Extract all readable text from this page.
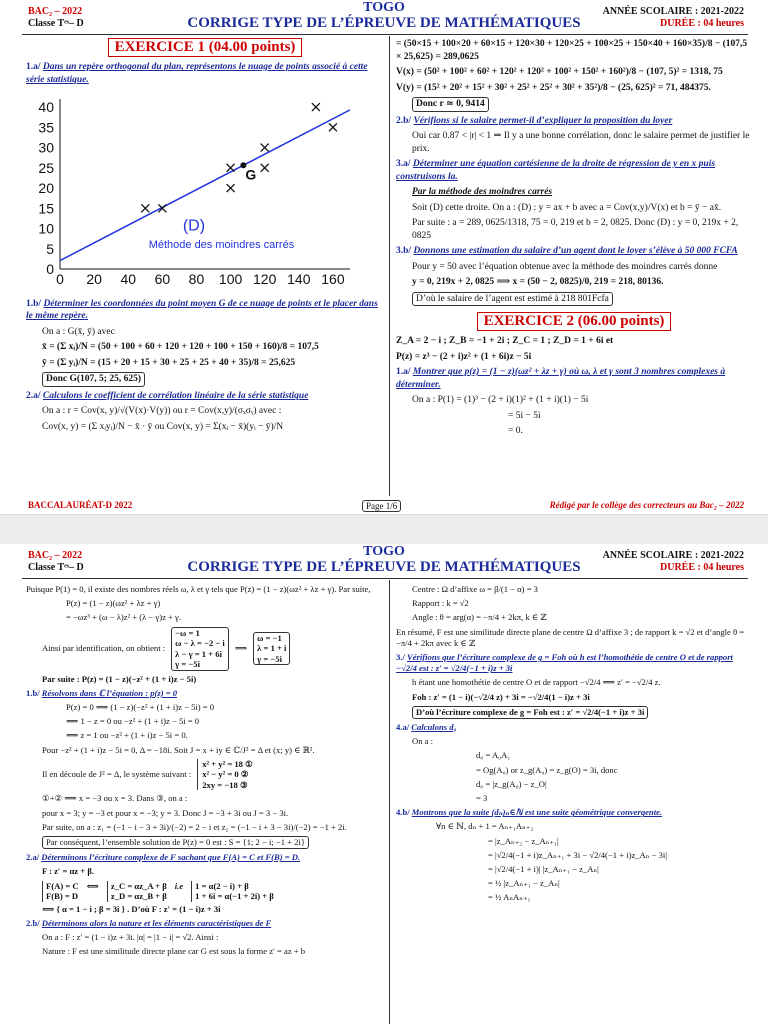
BAC₂ – 2022
Classe Tᵉˢ– D
TOGO
CORRIGE TYPE DE L’ÉPREUVE DE MATHÉMATIQUES
ANNÉE SCOLAIRE : 2021-2022
DURÉE : 04 heures
EXERCICE 1 (04.00 points)

1.a/ Dans un repère orthogonal du plan, représentons le nuage de points associé à cette série statistique.

0
5
10
15
20
25
30
35
40
0 20 40 60 80 100 120 140 160
G
(D)
Méthode des moindres carrés

1.b/ Déterminer les coordonnées du point moyen G de ce nuage de points et le placer dans le même repère.

On a : G(x̄, ȳ) avec

x̄ = (Σ xᵢ)/N = (50 + 100 + 60 + 120 + 120 + 100 + 150 + 160)/8 = 107,5

ȳ = (Σ yᵢ)/N = (15 + 20 + 15 + 30 + 25 + 25 + 40 + 35)/8 = 25,625

Donc G(107, 5; 25, 625)

2.a/ Calculons le coefficient de corrélation linéaire de la série statistique

On a : r = Cov(x, y)/√(V(x)·V(y)) ou r = Cov(x,y)/(σₓσᵧ) avec :

Cov(x, y) = (Σ xᵢyᵢ)/N − x̄ · ȳ ou Cov(x, y) = Σ(xᵢ − x̄)(yᵢ − ȳ)/N

= (50×15 + 100×20 + 60×15 + 120×30 + 120×25 + 100×25 + 150×40 + 160×35)/8 − (107,5 × 25,625) = 289,0625

V(x) = (50² + 100² + 60² + 120² + 120² + 100² + 150² + 160²)/8 − (107, 5)² = 1318, 75

V(y) = (15² + 20² + 15² + 30² + 25² + 25² + 30² + 35²)/8 − (25, 625)² = 71, 484375.

Donc r ≃ 0, 9414

2.b/ Vérifions si le salaire permet-il d’expliquer la proposition du loyer

Oui car 0.87 < |r| < 1 ⇒ Il y a une bonne corrélation, donc le salaire permet de justifier le prix.

3.a/ Déterminer une équation cartésienne de la droite de régression de y en x puis construisons la.

Par la méthode des moindres carrés

Soit (D) cette droite. On a : (D) : y = ax + b avec a = Cov(x,y)/V(x) et b = ȳ − ax̄.

Par suite : a = 289, 0625/1318, 75 = 0, 219 et b = 2, 0825. Donc (D) : y = 0, 219x + 2, 0825

3.b/ Donnons une estimation du salaire d’un agent dont le loyer s’élève à 50 000 FCFA

Pour y = 50 avec l’équation obtenue avec la méthode des moindres carrés donne

y = 0, 219x + 2, 0825 ⟹ x = (50 − 2, 0825)/0, 219 = 218, 80136.

D’où le salaire de l’agent est estimé à 218 801Fcfa

EXERCICE 2 (06.00 points)

Z_A = 2 − i ; Z_B = −1 + 2i ; Z_C = 1 ; Z_D = 1 + 6i et

P(z) = z³ − (2 + i)z² + (1 + 6i)z − 5i

1.a/ Montrer que p(z) = (1 − z)(ωz² + λz + γ) où ω, λ et γ sont 3 nombres complexes à déterminer.

On a : P(1) = (1)³ − (2 + i)(1)² + (1 + i)(1) − 5i

= 5i − 5i

= 0.

BACCALAURÉAT-D 2022	Page 1/6	Rédigé par le collège des correcteurs au Bac₂ – 2022
BAC₂ – 2022
Classe Tᵉˢ– D
TOGO
CORRIGE TYPE DE L’ÉPREUVE DE MATHÉMATIQUES
ANNÉE SCOLAIRE : 2021-2022
DURÉE : 04 heures

Puisque P(1) = 0, il existe des nombres réels ω, λ et γ tels que P(z) = (1 − z)(ωz² + λz + γ). Par suite,

P(z) = (1 − z)(ωz² + λz + γ)

= −ωz³ + (ω − λ)z² + (λ − γ)z + γ.

Ainsi par identification, on obtient :
−ω = 1
ω − λ = −2 − i
λ − γ = 1 + 6i
γ = −5i
⟹
ω = −1
λ = 1 + i
γ = −5i

Par suite : P(z) = (1 − z)(−z² + (1 + i)z − 5i)

1.b/ Résolvons dans ℂ l’équation : p(z) = 0

P(z) = 0 ⟹ (1 − z)(−z² + (1 + i)z − 5i) = 0

⟺ 1 − z = 0 ou −z² + (1 + i)z − 5i = 0

⟺ z = 1 ou −z² + (1 + i)z − 5i = 0.

Pour −z² + (1 + i)z − 5i = 0, Δ = −18i. Soit J = x + iy ∈ ℂ/J² = Δ et (x; y) ∈ ℝ².

Il en découle de J² = Δ, le système suivant :
x² + y² = 18 ①
x² − y² = 0 ②
2xy = −18 ③

①+② ⟹ x = −3 ou x = 3. Dans ③, on a :

pour x = 3; y = −3 et pour x = −3; y = 3. Donc J = −3 + 3i ou J = 3 − 3i.

Par suite, on a : z₁ = (−1 − i − 3 + 3i)/(−2) = 2 − i et z₂ = (−1 − i + 3 − 3i)/(−2) = −1 + 2i.

Par conséquent, l’ensemble solution de P(z) = 0 est : S = {1; 2 − i; −1 + 2i}

2.a/ Déterminons l’écriture complexe de F sachant que F(A) = C et F(B) = D.

F : z′ = αz + β.

F(A) = C
F(B) = D
⟺	z_C = αz_A + β
z_D = αz_B + β
i.e	1 = α(2 − i) + β
1 + 6i = α(−1 + 2i) + β

⟺ { α = 1 − i ; β = 3i } . D’où F : z′ = (1 − i)z + 3i

2.b/ Déterminons alors la nature et les éléments caractéristiques de F

On a : F : z′ = (1 − i)z + 3i. |α| = |1 − i| = √2. Ainsi :

Nature : F est une similitude directe plane car G est sous la forme z′ = az + b

Centre : Ω d’affixe ω = β/(1 − α) = 3

Rapport : k = √2

Angle : θ = arg(α) = −π/4 + 2kπ, k ∈ ℤ

En résumé, F est une similitude directe plane de centre Ω d’affixe 3 ; de rapport k = √2 et d’angle θ = −π/4 + 2kπ avec k ∈ ℤ

3./ Vérifions que l’écriture complexe de g = Foh où h est l’homothétie de centre O et de rapport −√2/4 est : z′ = √2/4(−1 + i)z + 3i

h étant une homothétie de centre O et de rapport −√2/4 ⟹ z′ = −√2/4 z.

Foh : z′ = (1 − i)(−√2/4 z) + 3i = −√2/4(1 − i)z + 3i

D’où l’écriture complexe de g = Foh est : z′ = √2/4(−1 + i)z + 3i

4.a/ Calculons d₀

On a :

d₀ = A₀A₁

= Og(A₀) or z_g(A₀) = z_g(O) = 3i, donc

d₀ = |z_g(A₀) − z_O|

= 3

4.b/ Montrons que la suite (dₙ)ₙ∈ℕ est une suite géométrique convergente.

∀n ∈ ℕ, dₙ + 1 = Aₙ₊₁Aₙ₊₂

= |z_Aₙ₊₂ − z_Aₙ₊₁|

= |√2/4(−1 + i)z_Aₙ₊₁ + 3i − √2/4(−1 + i)z_Aₙ − 3i|

= |√2/4(−1 + i)| |z_Aₙ₊₁ − z_Aₙ|

= ½ |z_Aₙ₊₁ − z_Aₙ|

= ½ AₙAₙ₊₁
